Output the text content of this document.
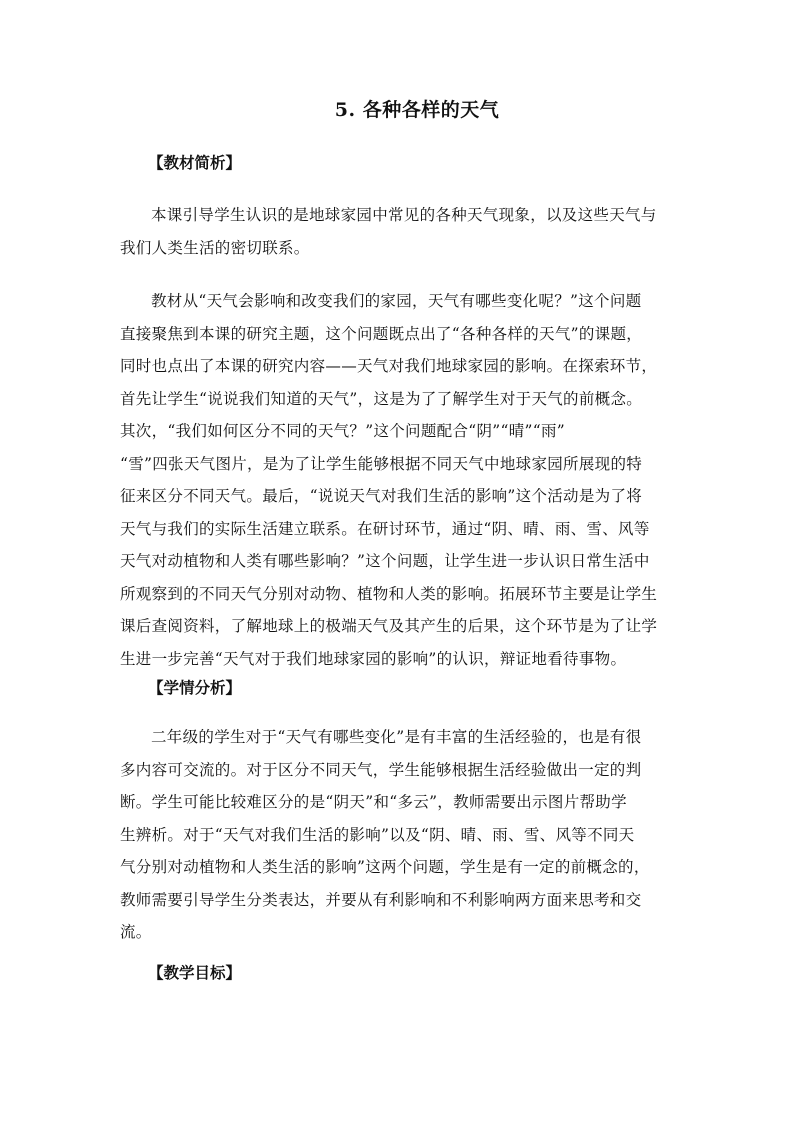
5. 各种各样的天气
【教材简析】
本课引导学生认识的是地球家园中常见的各种天气现象，以及这些天气与
我们人类生活的密切联系。
教材从“天气会影响和改变我们的家园，天气有哪些变化呢？”这个问题
直接聚焦到本课的研究主题，这个问题既点出了“各种各样的天气”的课题，
同时也点出了本课的研究内容——天气对我们地球家园的影响。在探索环节，
首先让学生“说说我们知道的天气”，这是为了了解学生对于天气的前概念。
其次，“我们如何区分不同的天气？”这个问题配合“阴”“晴”“雨”
“雪”四张天气图片，是为了让学生能够根据不同天气中地球家园所展现的特
征来区分不同天气。最后，“说说天气对我们生活的影响”这个活动是为了将
天气与我们的实际生活建立联系。在研讨环节，通过“阴、晴、雨、雪、风等
天气对动植物和人类有哪些影响？”这个问题，让学生进一步认识日常生活中
所观察到的不同天气分别对动物、植物和人类的影响。拓展环节主要是让学生
课后查阅资料，了解地球上的极端天气及其产生的后果，这个环节是为了让学
生进一步完善“天气对于我们地球家园的影响”的认识，辩证地看待事物。
【学情分析】
二年级的学生对于“天气有哪些变化”是有丰富的生活经验的，也是有很
多内容可交流的。对于区分不同天气，学生能够根据生活经验做出一定的判
断。学生可能比较难区分的是“阴天”和“多云”，教师需要出示图片帮助学
生辨析。对于“天气对我们生活的影响”以及“阴、晴、雨、雪、风等不同天
气分别对动植物和人类生活的影响”这两个问题，学生是有一定的前概念的，
教师需要引导学生分类表达，并要从有利影响和不利影响两方面来思考和交
流。
【教学目标】
